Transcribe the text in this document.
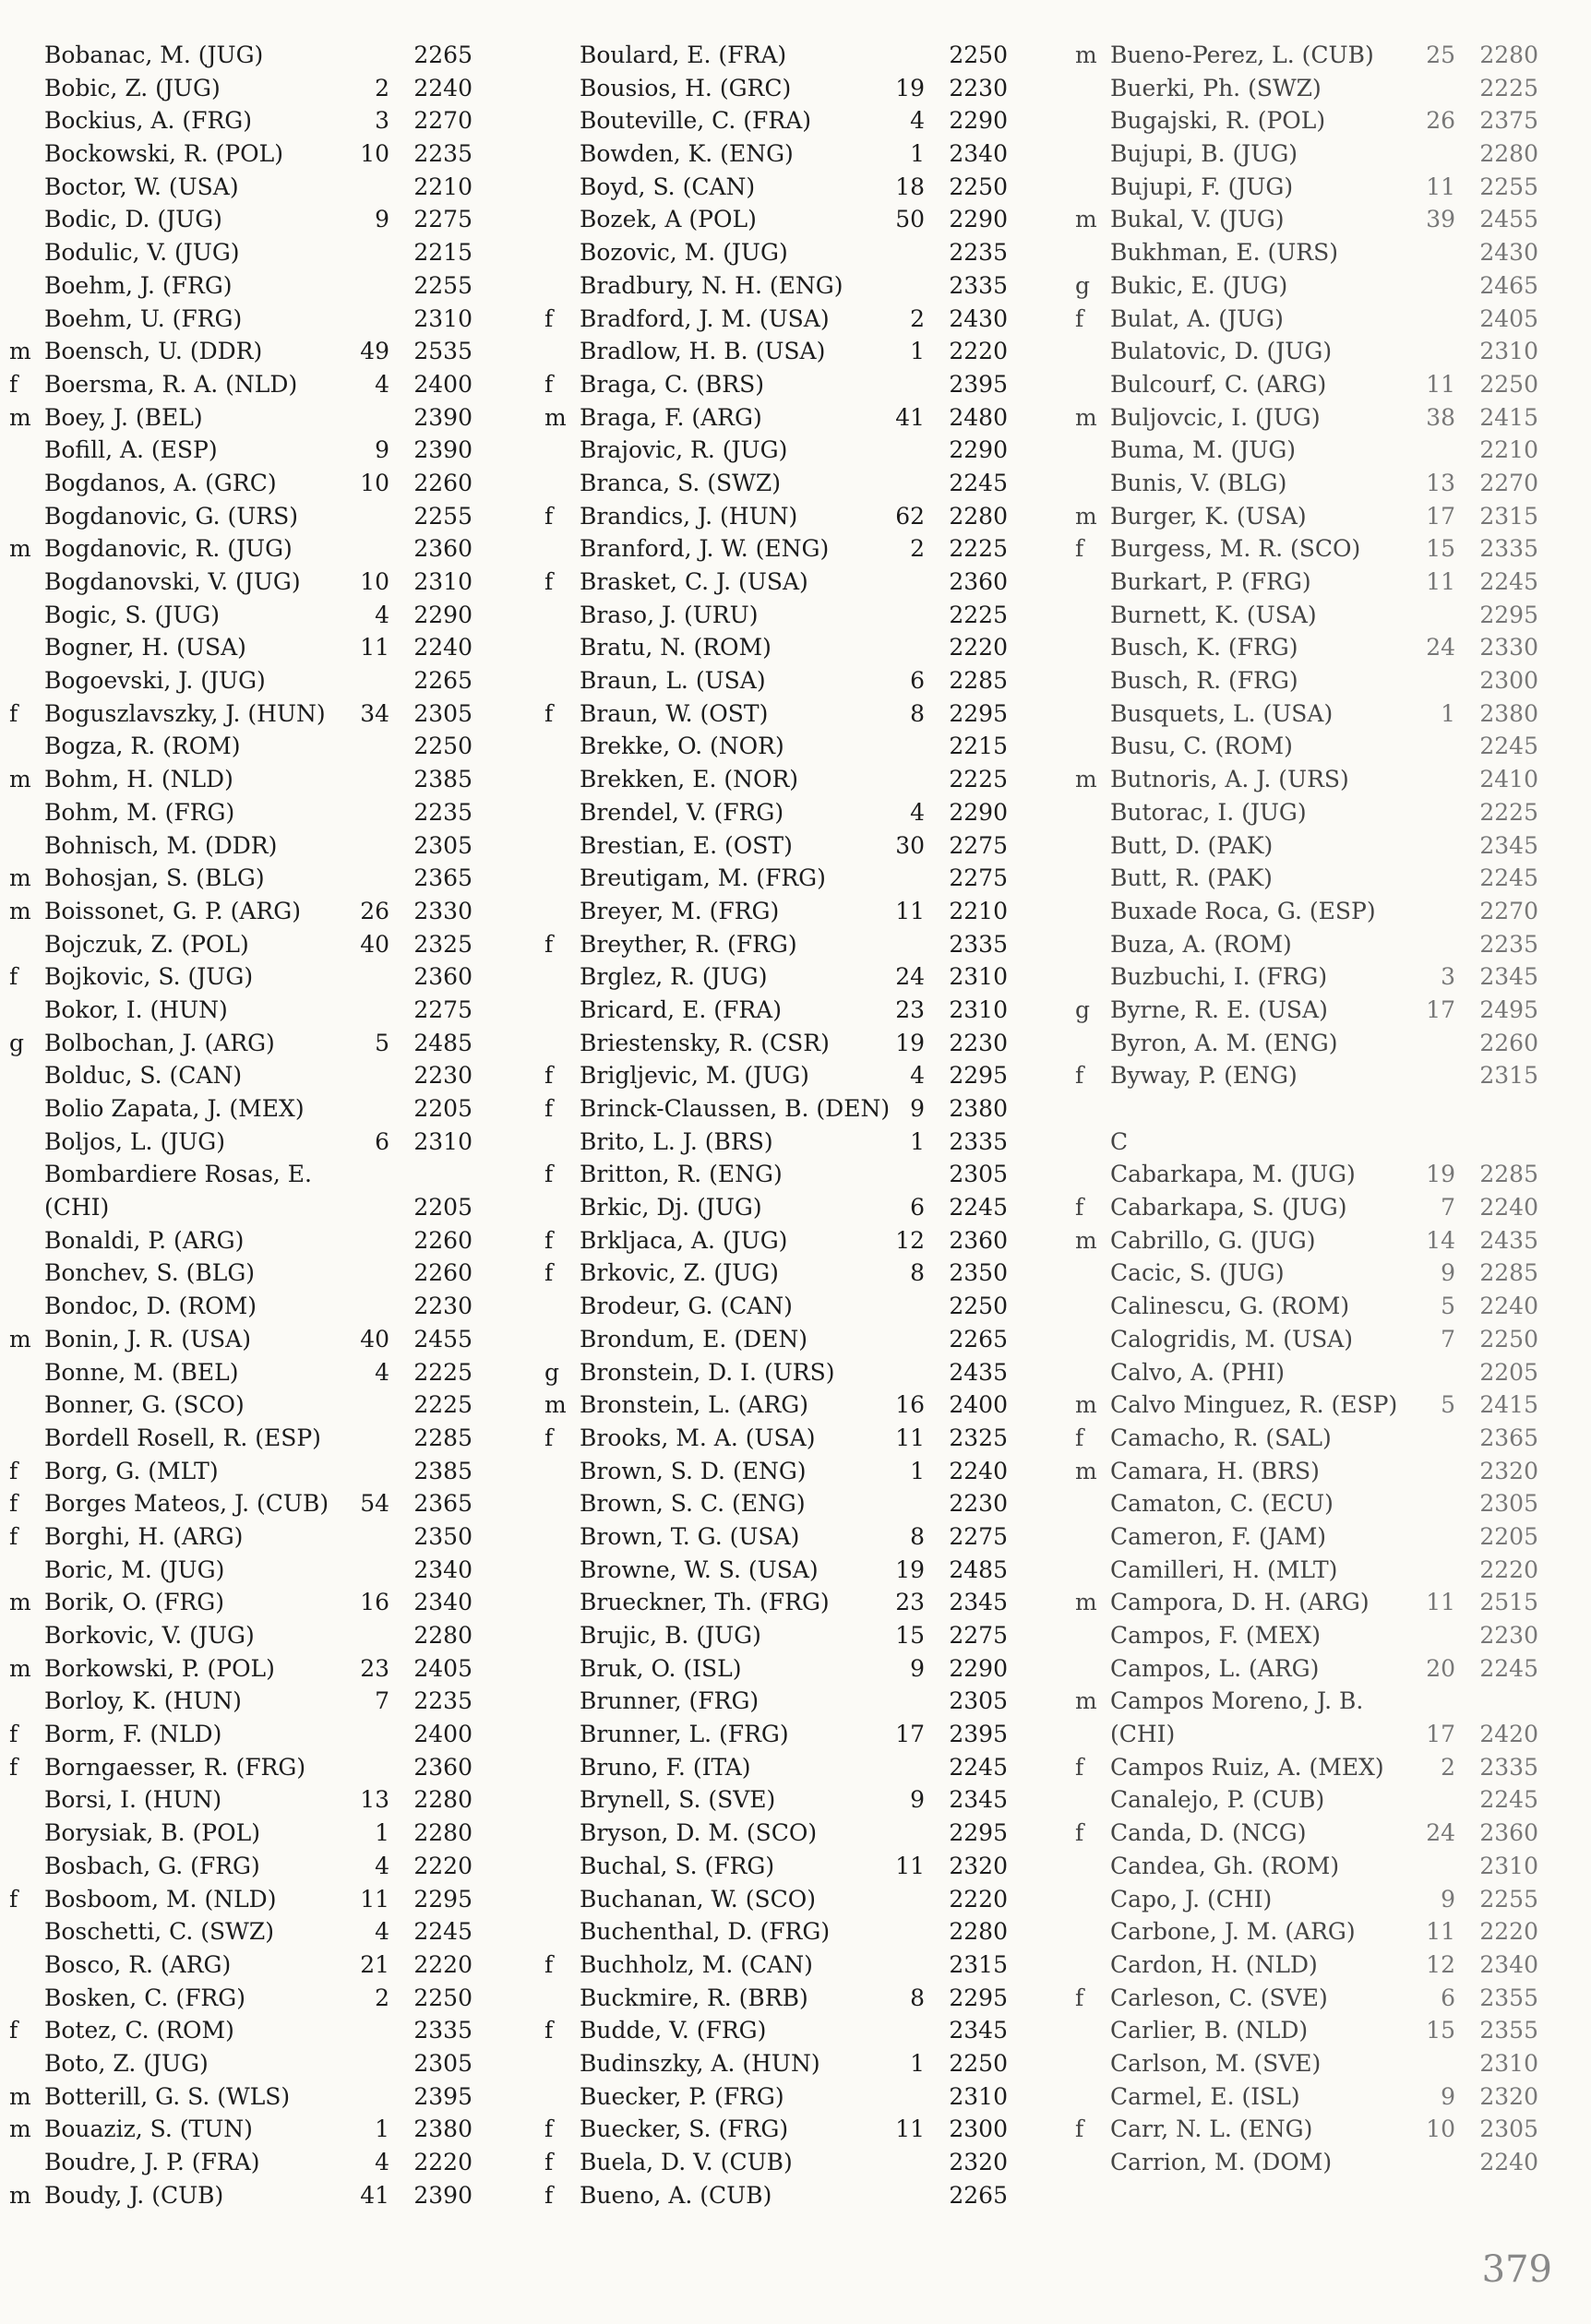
Bobanac, M. (JUG)	2265
Bobic, Z. (JUG)	2	2240
Bockius, A. (FRG)	3	2270
Bockowski, R. (POL)	10	2235
Boctor, W. (USA)	2210
Bodic, D. (JUG)	9	2275
Bodulic, V. (JUG)	2215
Boehm, J. (FRG)	2255
Boehm, U. (FRG)	2310
m Boensch, U. (DDR)	49	2535
f	Boersma, R. A. (NLD)	4	2400
m Boey, J. (BEL)	2390
Bofill, A. (ESP)	9	2390
Bogdanos, A. (GRC)	10	2260
Bogdanovic, G. (URS)	2255
m Bogdanovic, R. (JUG)	2360
Bogdanovski, V. (JUG)	10	2310
Bogic, S. (JUG)	4	2290
Bogner, H. (USA)	11	2240
Bogoevski, J. (JUG)	2265
f	Boguszlavszky, J. (HUN)	34	2305
Bogza, R. (ROM)	2250
m Bohm, H. (NLD)	2385
Bohm, M. (FRG)	2235
Bohnisch, M. (DDR)	2305
m Bohosjan, S. (BLG)	2365
m Boissonet, G. P. (ARG)	26	2330
Bojczuk, Z. (POL)	40	2325
f	Bojkovic, S. (JUG)	2360
Bokor, I. (HUN)	2275
g Bolbochan, J. (ARG)	5	2485
Bolduc, S. (CAN)	2230
Bolio Zapata, J. (MEX)	2205
Boljos, L. (JUG)	6	2310
Bombardiere Rosas, E.
(CHI)	2205
Bonaldi, P. (ARG)	2260
Bonchev, S. (BLG)	2260
Bondoc, D. (ROM)	2230
m Bonin, J. R. (USA)	40	2455
Bonne, M. (BEL)	4	2225
Bonner, G. (SCO)	2225
Bordell Rosell, R. (ESP)	2285
f	Borg, G. (MLT)	2385
f	Borges Mateos, J. (CUB)	54	2365
f	Borghi, H. (ARG)	2350
Boric, M. (JUG)	2340
m Borik, O. (FRG)	16	2340
Borkovic, V. (JUG)	2280
m Borkowski, P. (POL)	23	2405
Borloy, K. (HUN)	7	2235
f	Borm, F. (NLD)	2400
f	Borngaesser, R. (FRG)	2360
Borsi, I. (HUN)	13	2280
Borysiak, B. (POL)	1	2280
Bosbach, G. (FRG)	4	2220
f	Bosboom, M. (NLD)	11	2295
Boschetti, C. (SWZ)	4	2245
Bosco, R. (ARG)	21	2220
Bosken, C. (FRG)	2	2250
f	Botez, C. (ROM)	2335
Boto, Z. (JUG)	2305
m Botterill, G. S. (WLS)	2395
m Bouaziz, S. (TUN)	1	2380
Boudre, J. P. (FRA)	4	2220
m Boudy, J. (CUB)	41	2390
Boulard, E. (FRA)	2250
Bousios, H. (GRC)	19	2230
Bouteville, C. (FRA)	4	2290
Bowden, K. (ENG)	1	2340
Boyd, S. (CAN)	18	2250
Bozek, A (POL)	50	2290
Bozovic, M. (JUG)	2235
Bradbury, N. H. (ENG)	2335
f	Bradford, J. M. (USA)	2	2430
Bradlow, H. B. (USA)	1	2220
f	Braga, C. (BRS)	2395
m Braga, F. (ARG)	41	2480
Brajovic, R. (JUG)	2290
Branca, S. (SWZ)	2245
f	Brandics, J. (HUN)	62	2280
Branford, J. W. (ENG)	2	2225
f	Brasket, C. J. (USA)	2360
Braso, J. (URU)	2225
Bratu, N. (ROM)	2220
Braun, L. (USA)	6	2285
f	Braun, W. (OST)	8	2295
Brekke, O. (NOR)	2215
Brekken, E. (NOR)	2225
Brendel, V. (FRG)	4	2290
Brestian, E. (OST)	30	2275
Breutigam, M. (FRG)	2275
Breyer, M. (FRG)	11	2210
f	Breyther, R. (FRG)	2335
Brglez, R. (JUG)	24	2310
Bricard, E. (FRA)	23	2310
Briestensky, R. (CSR)	19	2230
f	Brigljevic, M. (JUG)	4	2295
f	Brinck-Claussen, B. (DEN) 9	2380
Brito, L. J. (BRS)	1	2335
f	Britton, R. (ENG)	2305
Brkic, Dj. (JUG)	6	2245
f	Brkljaca, A. (JUG)	12	2360
f	Brkovic, Z. (JUG)	8	2350
Brodeur, G. (CAN)	2250
Brondum, E. (DEN)	2265
g Bronstein, D. I. (URS)	2435
m Bronstein, L. (ARG)	16	2400
f	Brooks, M. A. (USA)	11	2325
Brown, S. D. (ENG)	1	2240
Brown, S. C. (ENG)	2230
Brown, T. G. (USA)	8	2275
Browne, W. S. (USA)	19	2485
Brueckner, Th. (FRG)	23	2345
Brujic, B. (JUG)	15	2275
Bruk, O. (ISL)	9	2290
Brunner, (FRG)	2305
Brunner, L. (FRG)	17	2395
Bruno, F. (ITA)	2245
Brynell, S. (SVE)	9	2345
Bryson, D. M. (SCO)	2295
Buchal, S. (FRG)	11	2320
Buchanan, W. (SCO)	2220
Buchenthal, D. (FRG)	2280
f	Buchholz, M. (CAN)	2315
Buckmire, R. (BRB)	8	2295
f	Budde, V. (FRG)	2345
Budinszky, A. (HUN)	1	2250
Buecker, P. (FRG)	2310
f	Buecker, S. (FRG)	11	2300
f	Buela, D. V. (CUB)	2320
f	Bueno, A. (CUB)	2265
m Bueno-Perez, L. (CUB)	25	2280
Buerki, Ph. (SWZ)	2225
Bugajski, R. (POL)	26	2375
Bujupi, B. (JUG)	2280
Bujupi, F. (JUG)	11	2255
m Bukal, V. (JUG)	39	2455
Bukhman, E. (URS)	2430
g Bukic, E. (JUG)	2465
f	Bulat, A. (JUG)	2405
Bulatovic, D. (JUG)	2310
Bulcourf, C. (ARG)	11	2250
m Buljovcic, I. (JUG)	38	2415
Buma, M. (JUG)	2210
Bunis, V. (BLG)	13	2270
m Burger, K. (USA)	17	2315
f	Burgess, M. R. (SCO)	15	2335
Burkart, P. (FRG)	11	2245
Burnett, K. (USA)	2295
Busch, K. (FRG)	24	2330
Busch, R. (FRG)	2300
Busquets, L. (USA)	1	2380
Busu, C. (ROM)	2245
m Butnoris, A. J. (URS)	2410
Butorac, I. (JUG)	2225
Butt, D. (PAK)	2345
Butt, R. (PAK)	2245
Buxade Roca, G. (ESP)	2270
Buza, A. (ROM)	2235
Buzbuchi, I. (FRG)	3	2345
g Byrne, R. E. (USA)	17	2495
Byron, A. M. (ENG)	2260
f	Byway, P. (ENG)	2315
C
Cabarkapa, M. (JUG)	19	2285
f	Cabarkapa, S. (JUG)	7	2240
m Cabrillo, G. (JUG)	14	2435
Cacic, S. (JUG)	9	2285
Calinescu, G. (ROM)	5	2240
Calogridis, M. (USA)	7	2250
Calvo, A. (PHI)	2205
m Calvo Minguez, R. (ESP)	5	2415
f	Camacho, R. (SAL)	2365
m Camara, H. (BRS)	2320
Camaton, C. (ECU)	2305
Cameron, F. (JAM)	2205
Camilleri, H. (MLT)	2220
m Campora, D. H. (ARG)	11	2515
Campos, F. (MEX)	2230
Campos, L. (ARG)	20	2245
m Campos Moreno, J. B.
(CHI)	17	2420
f	Campos Ruiz, A. (MEX)	2	2335
Canalejo, P. (CUB)	2245
f	Canda, D. (NCG)	24	2360
Candea, Gh. (ROM)	2310
Capo, J. (CHI)	9	2255
Carbone, J. M. (ARG)	11	2220
Cardon, H. (NLD)	12	2340
f	Carleson, C. (SVE)	6	2355
Carlier, B. (NLD)	15	2355
Carlson, M. (SVE)	2310
Carmel, E. (ISL)	9	2320
f	Carr, N. L. (ENG)	10	2305
Carrion, M. (DOM)	2240
379
